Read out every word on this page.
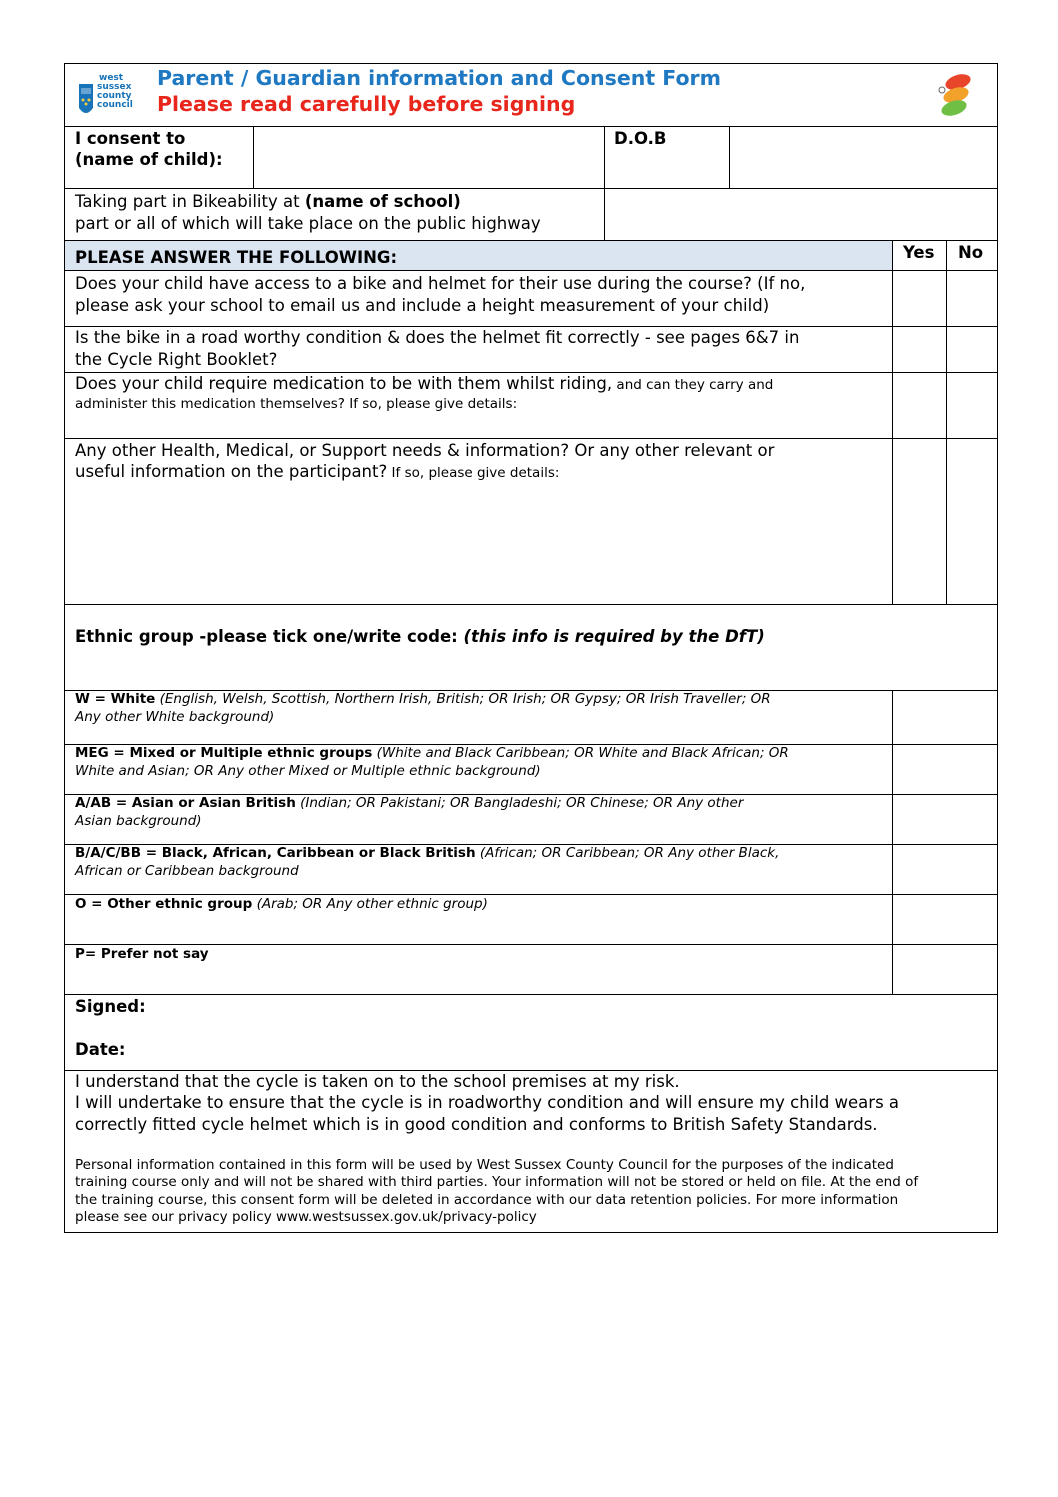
west
sussex
county
council
Parent / Guardian information and Consent Form
Please read carefully before signing
I consent to
(name of child):
D.O.B
Taking part in Bikeability at (name of school)
part or all of which will take place on the public highway
PLEASE ANSWER THE FOLLOWING:	Yes No
Does your child have access to a bike and helmet for their use during the course? (If no,
please ask your school to email us and include a height measurement of your child)
Is the bike in a road worthy condition & does the helmet fit correctly - see pages 6&7 in
the Cycle Right Booklet?
Does your child require medication to be with them whilst riding, and can they carry and
administer this medication themselves? If so, please give details:
Any other Health, Medical, or Support needs & information? Or any other relevant or
useful information on the participant? If so, please give details:
Ethnic group -please tick one/write code: (this info is required by the DfT)
W = White (English, Welsh, Scottish, Northern Irish, British; OR Irish; OR Gypsy; OR Irish Traveller; OR
Any other White background)
MEG = Mixed or Multiple ethnic groups (White and Black Caribbean; OR White and Black African; OR
White and Asian; OR Any other Mixed or Multiple ethnic background)
A/AB = Asian or Asian British (Indian; OR Pakistani; OR Bangladeshi; OR Chinese; OR Any other
Asian background)
B/A/C/BB = Black, African, Caribbean or Black British (African; OR Caribbean; OR Any other Black,
African or Caribbean background
O = Other ethnic group (Arab; OR Any other ethnic group)
P= Prefer not say
Signed:
Date:
I understand that the cycle is taken on to the school premises at my risk.
I will undertake to ensure that the cycle is in roadworthy condition and will ensure my child wears a
correctly fitted cycle helmet which is in good condition and conforms to British Safety Standards.
Personal information contained in this form will be used by West Sussex County Council for the purposes of the indicated
training course only and will not be shared with third parties. Your information will not be stored or held on file. At the end of
the training course, this consent form will be deleted in accordance with our data retention policies. For more information
please see our privacy policy www.westsussex.gov.uk/privacy-policy
